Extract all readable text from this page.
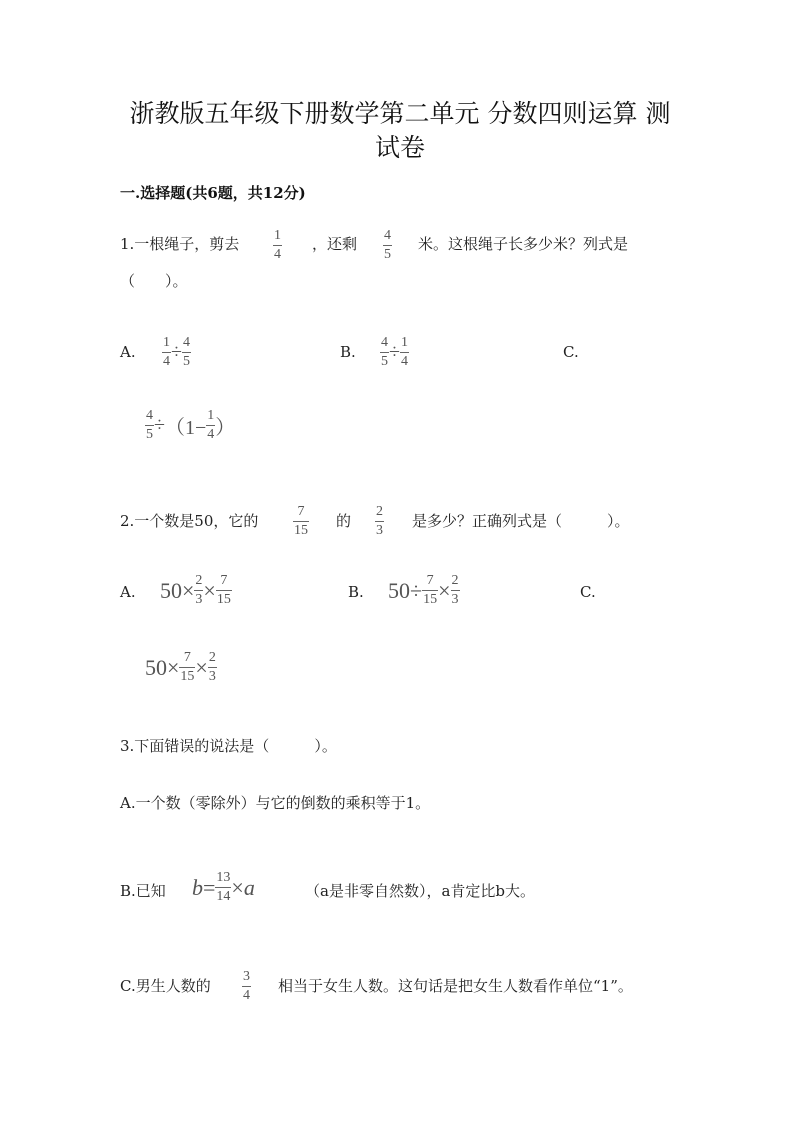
浙教版五年级下册数学第二单元 分数四则运算 测
试卷
一.选择题(共6题，共12分)
1.一根绳子，剪去 $\frac{1}{4}$ ，还剩 $\frac{4}{5}$ 米。这根绳子长多少米？列式是
（　　）。
A. $\frac{1}{4} \div \frac{4}{5}$	B. $\frac{4}{5} \div \frac{1}{4}$	C.
$\frac{4}{5} \div(1- \frac{1}{4}$ ）
2.一个数是50，它的 $\frac{7}{15}$ 的 $\frac{2}{3}$ 是多少？正确列式是（　　　）。
A. $50\times \frac{2}{3} \times \frac{7}{15}$	B. $50\div \frac{7}{15} \times \frac{2}{3}$	C.
$50\times \frac{7}{15} \times \frac{2}{3}$
3.下面错误的说法是（　　　）。
A.一个数（零除外）与它的倒数的乘积等于1。
B.已知 $b= \frac{13}{14} \times a$	（a是非零自然数），a肯定比b大。
C.男生人数的 $\frac{3}{4}$ 相当于女生人数。这句话是把女生人数看作单位“1”。
